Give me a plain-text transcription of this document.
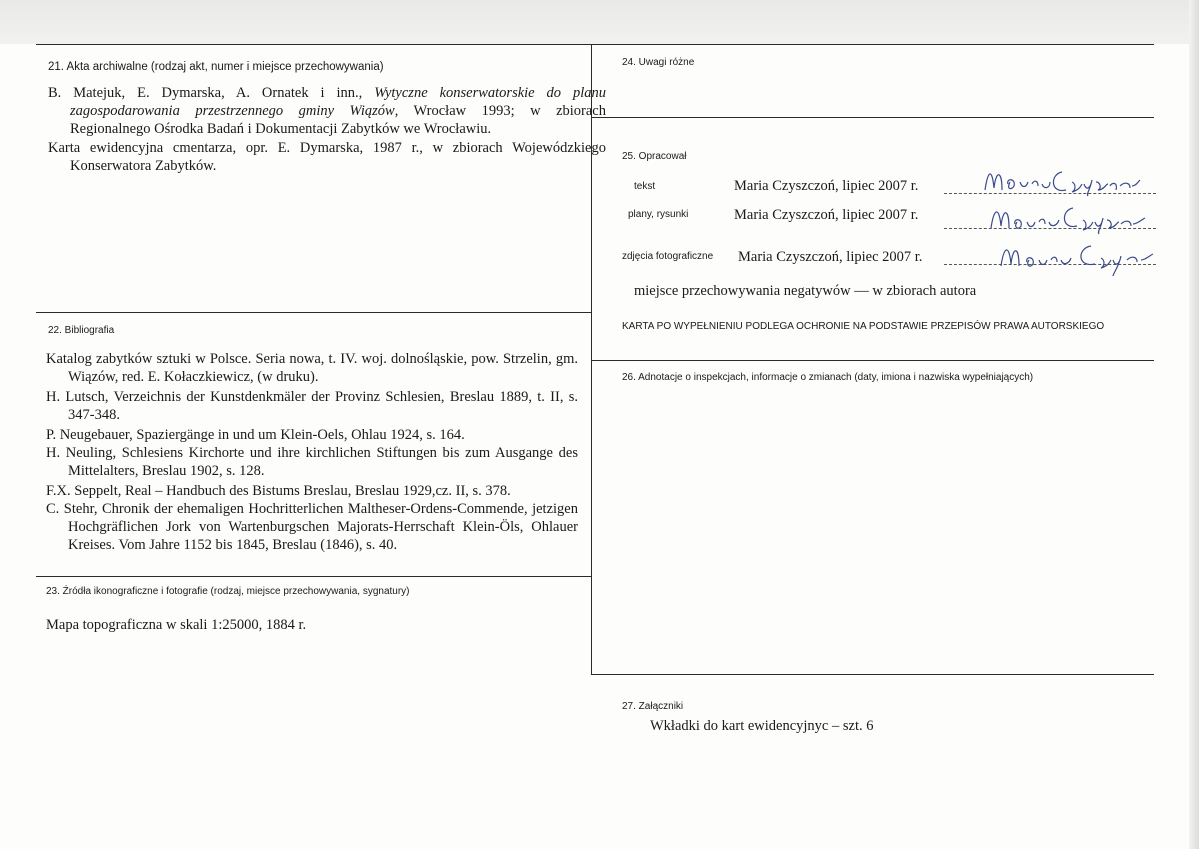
21. Akta archiwalne (rodzaj akt, numer i miejsce przechowywania)
B. Matejuk, E. Dymarska, A. Ornatek i inn., Wytyczne konserwatorskie do planu zagospodarowania przestrzennego gminy Wiązów, Wrocław 1993; w zbiorach Regionalnego Ośrodka Badań i Dokumentacji Zabytków we Wrocławiu.
Karta ewidencyjna cmentarza, opr. E. Dymarska, 1987 r., w zbiorach Wojewódzkiego Konserwatora Zabytków.
22. Bibliografia
Katalog zabytków sztuki w Polsce. Seria nowa, t. IV. woj. dolnośląskie, pow. Strzelin, gm. Wiązów, red. E. Kołaczkiewicz, (w druku).
H. Lutsch, Verzeichnis der Kunstdenkmäler der Provinz Schlesien, Breslau 1889, t. II, s. 347-348.
P. Neugebauer, Spaziergänge in und um Klein-Oels, Ohlau 1924, s. 164.
H. Neuling, Schlesiens Kirchorte und ihre kirchlichen Stiftungen bis zum Ausgange des Mittelalters, Breslau 1902, s. 128.
F.X. Seppelt, Real – Handbuch des Bistums Breslau, Breslau 1929,cz. II, s. 378.
C. Stehr, Chronik der ehemaligen Hochritterlichen Maltheser-Ordens-Commende, jetzigen Hochgräflichen Jork von Wartenburgschen Majorats-Herrschaft Klein-Öls, Ohlauer Kreises. Vom Jahre 1152 bis 1845, Breslau (1846), s. 40.
23. Źródła ikonograficzne i fotografie (rodzaj, miejsce przechowywania, sygnatury)
Mapa topograficzna w skali 1:25000, 1884 r.
24. Uwagi różne
25. Opracował
tekst	Maria Czyszczoń, lipiec 2007 r.
plany, rysunki	Maria Czyszczoń, lipiec 2007 r.
zdjęcia fotograficzne Maria Czyszczoń, lipiec 2007 r.
miejsce przechowywania negatywów — w zbiorach autora
KARTA PO WYPEŁNIENIU PODLEGA OCHRONIE NA PODSTAWIE PRZEPISÓW PRAWA AUTORSKIEGO
26. Adnotacje o inspekcjach, informacje o zmianach (daty, imiona i nazwiska wypełniających)
27. Załączniki
Wkładki do kart ewidencyjnyc – szt. 6
